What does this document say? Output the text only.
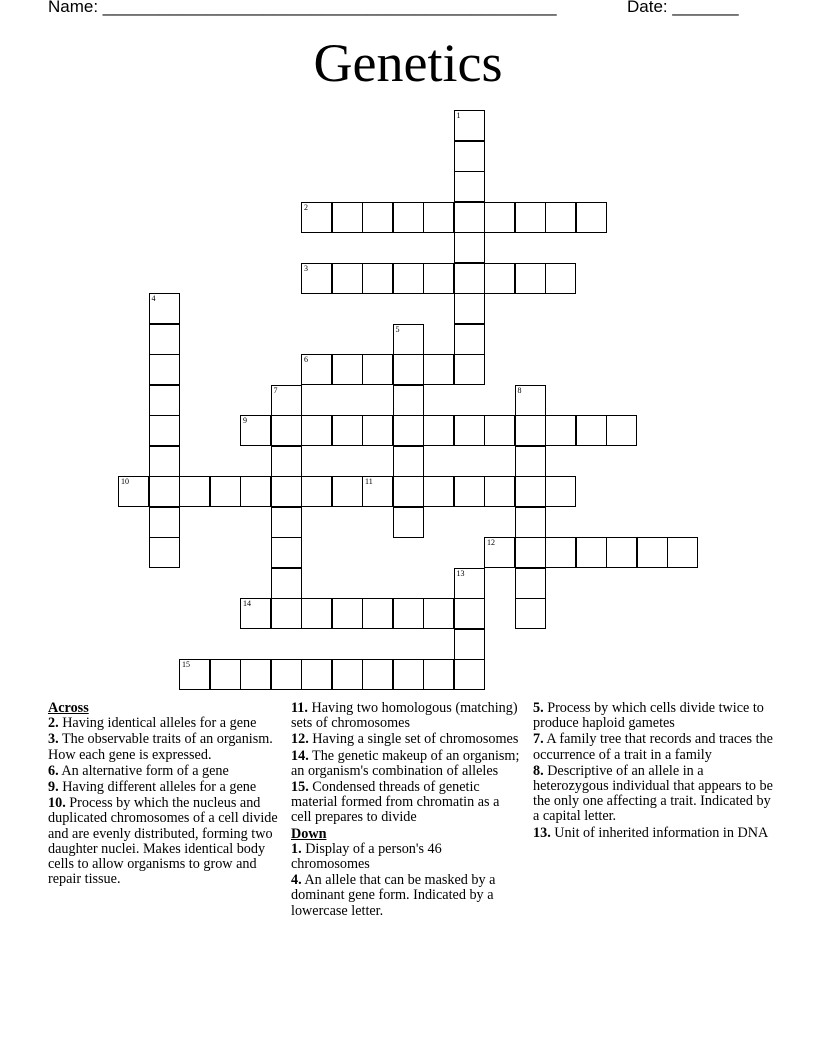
Name: ________________________________________________	Date: _______
Genetics
1
2
3
4
5
6
7	8
9
10	11
12
13
14
15
Across
2. Having identical alleles for a gene
3. The observable traits of an organism. How each gene is expressed.
6. An alternative form of a gene
9. Having different alleles for a gene
10. Process by which the nucleus and duplicated chromosomes of a cell divide and are evenly distributed, forming two daughter nuclei. Makes identical body cells to allow organisms to grow and repair tissue.
11. Having two homologous (matching) sets of chromosomes
12. Having a single set of chromosomes
14. The genetic makeup of an organism; an organism's combination of alleles
15. Condensed threads of genetic material formed from chromatin as a cell prepares to divide
Down
1. Display of a person's 46 chromosomes
4. An allele that can be masked by a dominant gene form. Indicated by a lowercase letter.
5. Process by which cells divide twice to produce haploid gametes
7. A family tree that records and traces the occurrence of a trait in a family
8. Descriptive of an allele in a heterozygous individual that appears to be the only one affecting a trait. Indicated by a capital letter.
13. Unit of inherited information in DNA
